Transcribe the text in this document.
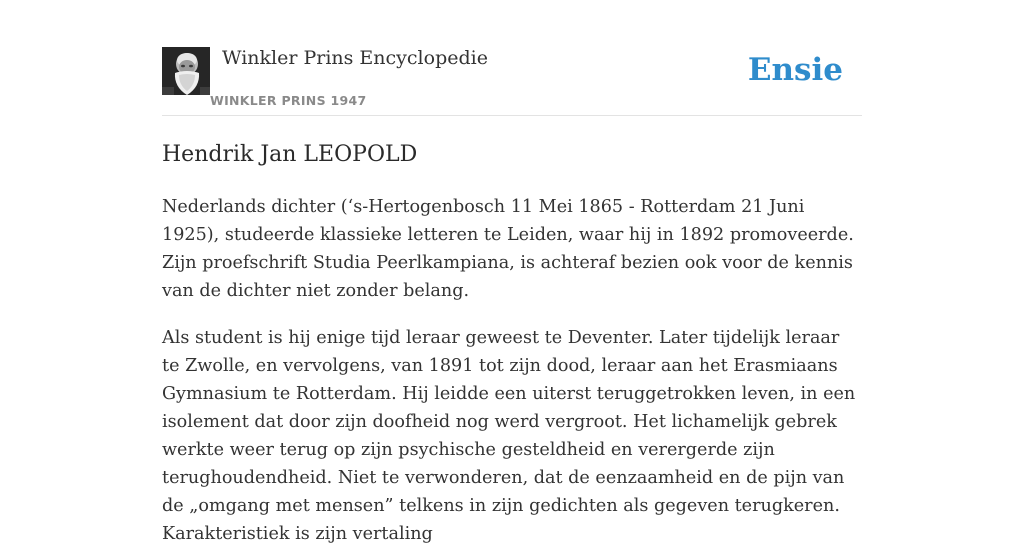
Winkler Prins Encyclopedie
WINKLER PRINS 1947
Ensie
Hendrik Jan LEOPOLD

Nederlands dichter (‘s-Hertogenbosch 11 Mei 1865 - Rotterdam 21 Juni 1925), studeerde klassieke letteren te Leiden, waar hij in 1892 promoveerde. Zijn proefschrift Studia Peerlkampiana, is achteraf bezien ook voor de kennis van de dichter niet zonder belang.

Als student is hij enige tijd leraar geweest te Deventer. Later tijdelijk leraar te Zwolle, en vervolgens, van 1891 tot zijn dood, leraar aan het Erasmiaans Gymnasium te Rotterdam. Hij leidde een uiterst teruggetrokken leven, in een isolement dat door zijn doofheid nog werd vergroot. Het lichamelijk gebrek werkte weer terug op zijn psychische gesteldheid en verergerde zijn terughoudendheid. Niet te verwonderen, dat de eenzaamheid en de pijn van de „omgang met mensen” telkens in zijn gedichten als gegeven terugkeren. Karakteristiek is zijn vertaling
